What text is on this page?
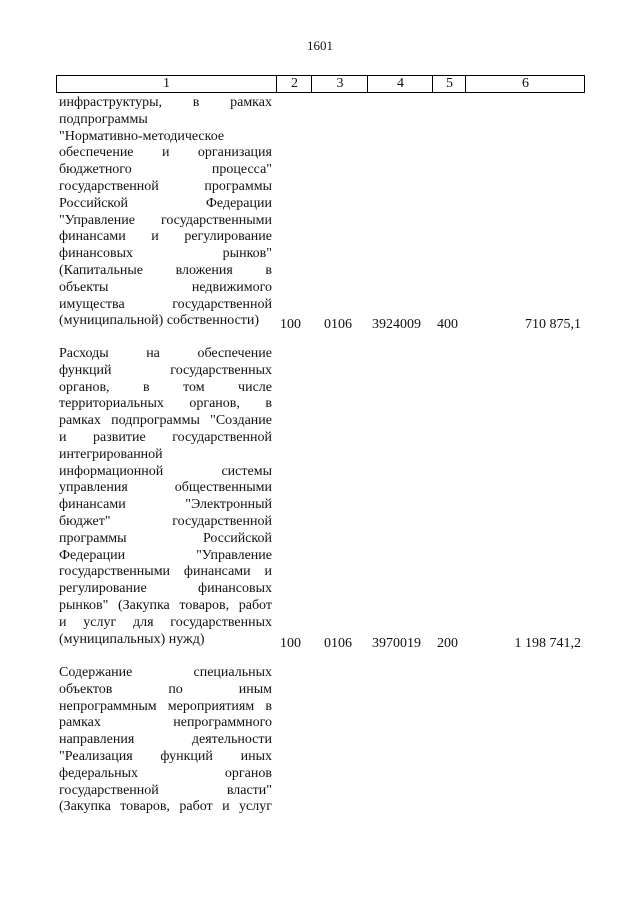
1601
1	2	3	4	5	6
инфраструктуры, в рамках
подпрограммы
"Нормативно-методическое
обеспечение и организация
бюджетного процесса"
государственной программы
Российской Федерации
"Управление государственными
финансами и регулирование
финансовых рынков"
(Капитальные вложения в
объекты недвижимого
имущества государственной
(муниципальной) собственности)	100 0106 3924009 400	710 875,1
Расходы на обеспечение
функций государственных
органов, в том числе
территориальных органов, в
рамках подпрограммы "Создание
и развитие государственной
интегрированной
информационной системы
управления общественными
финансами "Электронный
бюджет" государственной
программы Российской
Федерации "Управление
государственными финансами и
регулирование финансовых
рынков" (Закупка товаров, работ
и услуг для государственных
(муниципальных) нужд)	100 0106 3970019 200	1 198 741,2
Содержание специальных
объектов по иным
непрограммным мероприятиям в
рамках непрограммного
направления деятельности
"Реализация функций иных
федеральных органов
государственной власти"
(Закупка товаров, работ и услуг
